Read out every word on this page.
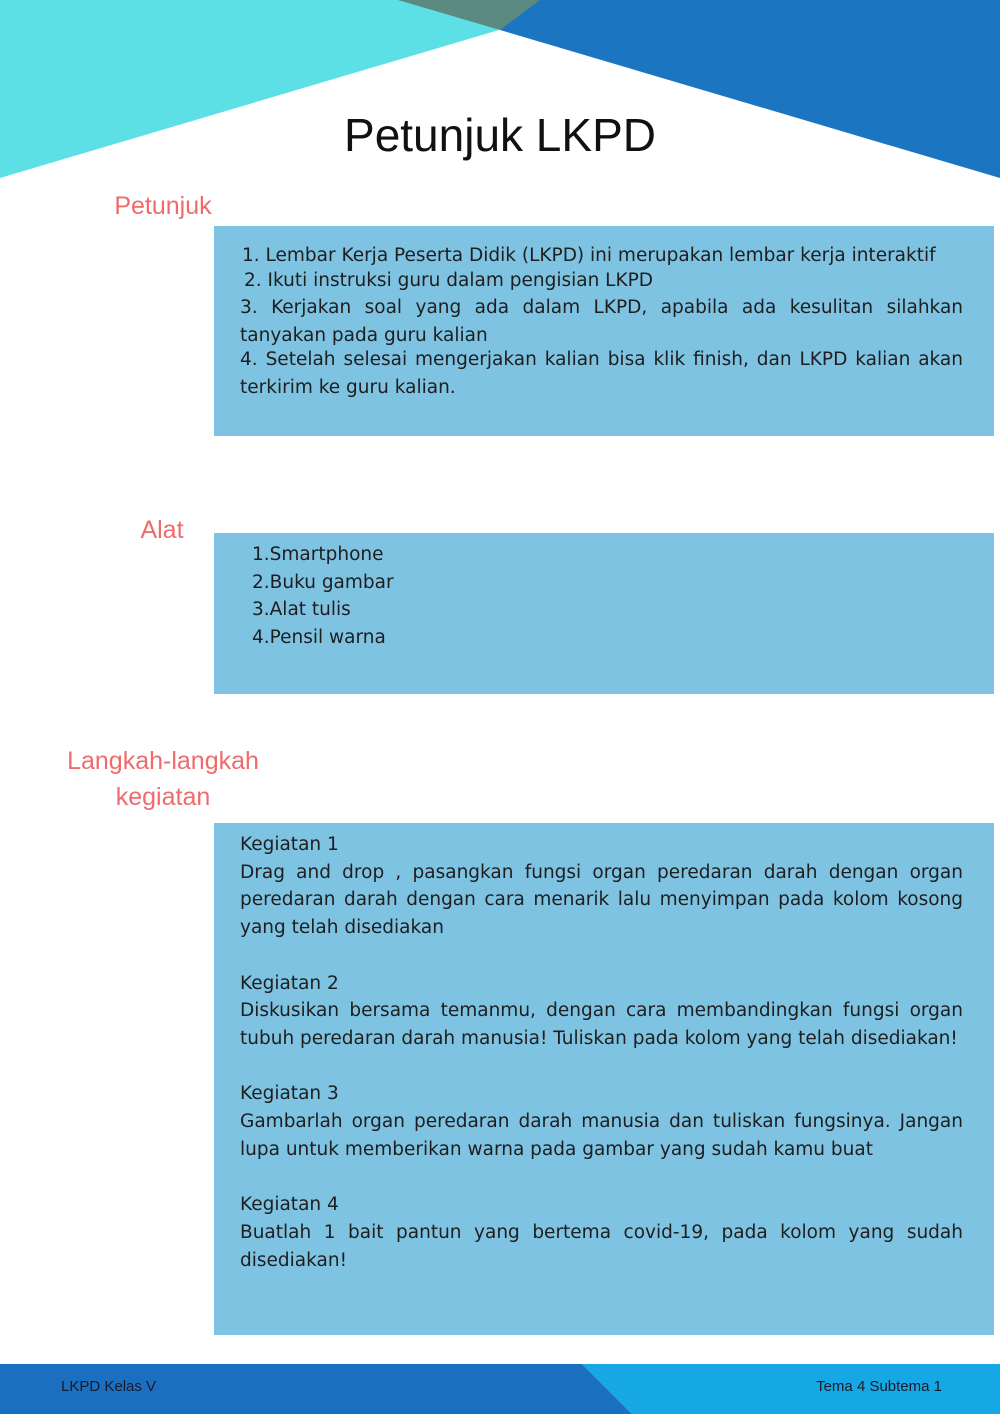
Petunjuk LKPD
Petunjuk

1. Lembar Kerja Peserta Didik (LKPD) ini merupakan lembar kerja interaktif

2. Ikuti instruksi guru dalam pengisian LKPD

3. Kerjakan soal yang ada dalam LKPD, apabila ada kesulitan silahkan tanyakan pada guru kalian

4. Setelah selesai mengerjakan kalian bisa klik finish, dan LKPD kalian akan terkirim ke guru kalian.

Alat
1.Smartphone
2.Buku gambar
3.Alat tulis
4.Pensil warna
Langkah-langkah
kegiatan

Kegiatan 1

Drag and drop , pasangkan fungsi organ peredaran darah dengan organ peredaran darah dengan cara menarik lalu menyimpan pada kolom kosong yang telah disediakan

Kegiatan 2

Diskusikan bersama temanmu, dengan cara membandingkan fungsi organ tubuh peredaran darah manusia! Tuliskan pada kolom yang telah disediakan!

Kegiatan 3

Gambarlah organ peredaran darah manusia dan tuliskan fungsinya. Jangan lupa untuk memberikan warna pada gambar yang sudah kamu buat

Kegiatan 4

Buatlah 1 bait pantun yang bertema covid-19, pada kolom yang sudah disediakan!

LKPD Kelas V	Tema 4 Subtema 1
